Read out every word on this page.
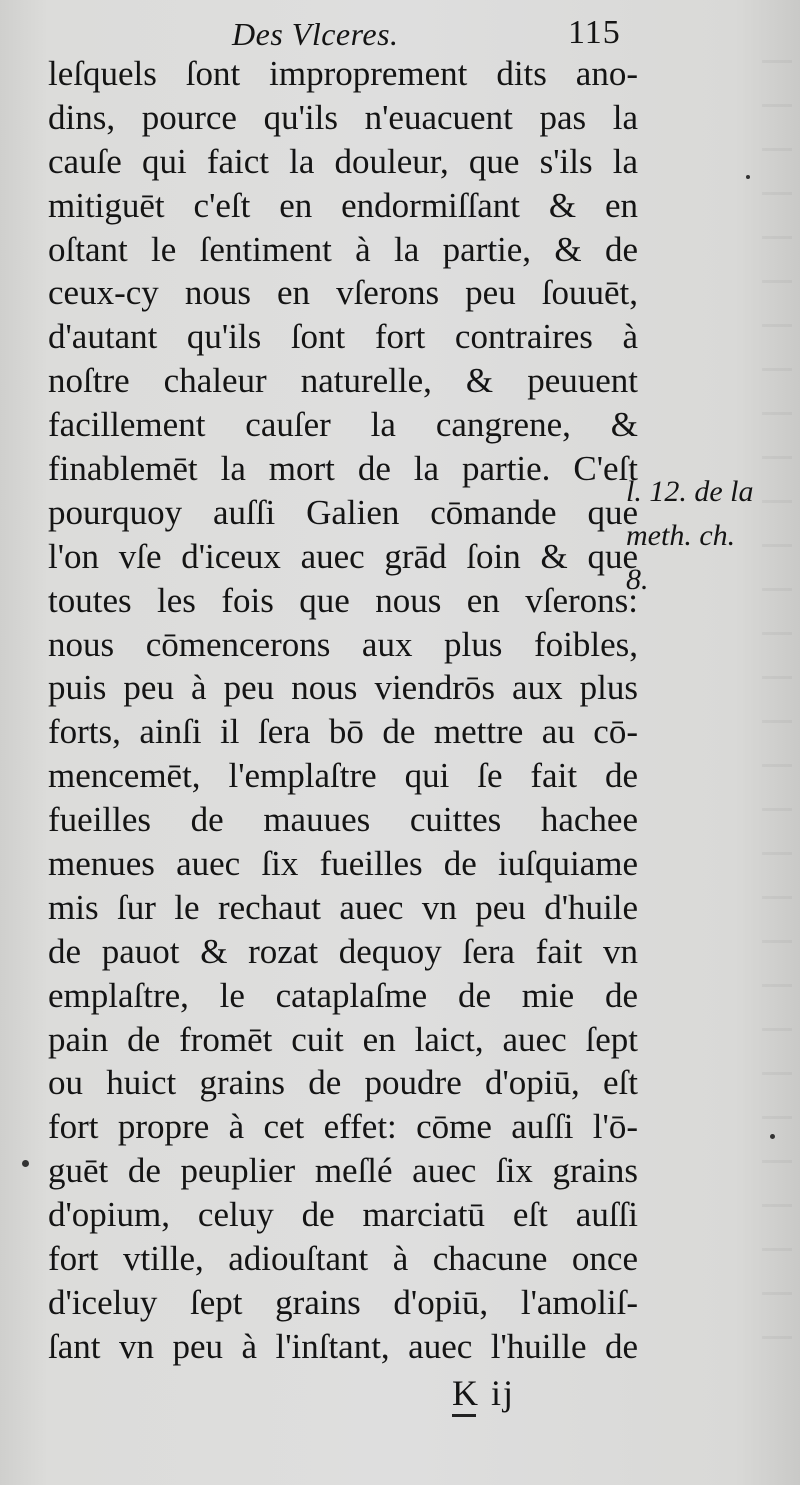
Des Vlceres.	115
leſquels ſont improprement dits ano-
dins, pource qu'ils n'euacuent pas la
cauſe qui faict la douleur, que s'ils la
mitiguēt c'eſt en endormiſſant & en
oſtant le ſentiment à la partie, & de
ceux-cy nous en vſerons peu ſouuēt,
d'autant qu'ils ſont fort contraires à
noſtre chaleur naturelle, & peuuent
facillement cauſer la cangrene, &
finablemēt la mort de la partie. C'eſt
pourquoy auſſi Galien cōmande que
l'on vſe d'iceux auec grād ſoin & que
toutes les fois que nous en vſerons:
nous cōmencerons aux plus foibles,
puis peu à peu nous viendrōs aux plus
forts, ainſi il ſera bō de mettre au cō-
mencemēt, l'emplaſtre qui ſe fait de
fueilles de mauues cuittes hachee
menues auec ſix fueilles de iuſquiame
mis ſur le rechaut auec vn peu d'huile
de pauot & rozat dequoy ſera fait vn
emplaſtre, le cataplaſme de mie de
pain de fromēt cuit en laict, auec ſept
ou huict grains de poudre d'opiū, eſt
fort propre à cet effet: cōme auſſi l'ō-
guēt de peuplier meſlé auec ſix grains
d'opium, celuy de marciatū eſt auſſi
fort vtille, adiouſtant à chacune once
d'iceluy ſept grains d'opiū, l'amoliſ-
ſant vn peu à l'inſtant, auec l'huille de
l. 12. de la
meth. ch.
8.
K ij
